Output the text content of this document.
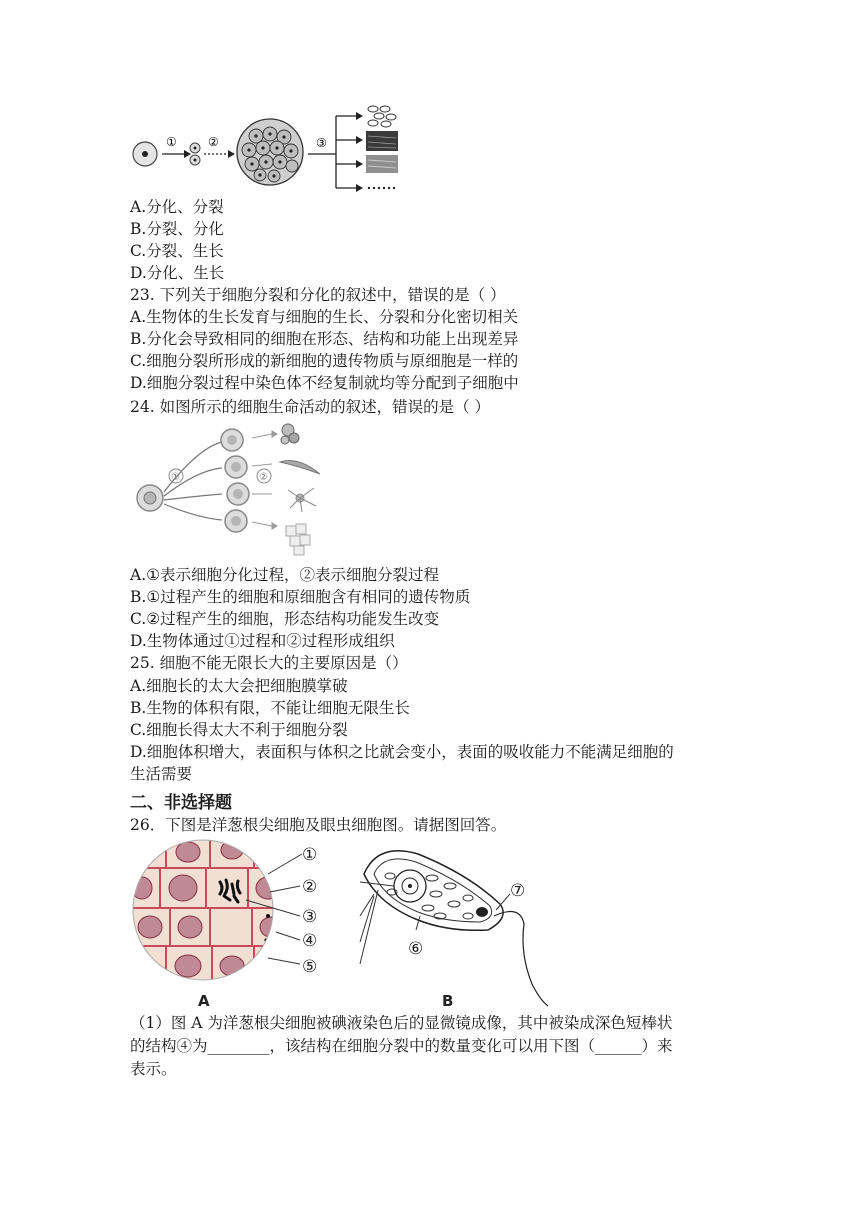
①	②	③
A.分化、分裂
B.分裂、分化
C.分裂、生长
D.分化、生长
23. 下列关于细胞分裂和分化的叙述中，错误的是（ ）
A.生物体的生长发育与细胞的生长、分裂和分化密切相关
B.分化会导致相同的细胞在形态、结构和功能上出现差异
C.细胞分裂所形成的新细胞的遗传物质与原细胞是一样的
D.细胞分裂过程中染色体不经复制就均等分配到子细胞中
24. 如图所示的细胞生命活动的叙述，错误的是（ ）
①	②
A.①表示细胞分化过程，②表示细胞分裂过程
B.①过程产生的细胞和原细胞含有相同的遗传物质
C.②过程产生的细胞，形态结构功能发生改变
D.生物体通过①过程和②过程形成组织
25. 细胞不能无限长大的主要原因是（）
A.细胞长的太大会把细胞膜掌破
B.生物的体积有限，不能让细胞无限生长
C.细胞长得太大不利于细胞分裂
D.细胞体积增大，表面积与体积之比就会变小，表面的吸收能力不能满足细胞的
生活需要
二、非选择题
26．下图是洋葱根尖细胞及眼虫细胞图。请据图回答。
①
②
③
④
⑤
A
⑥
⑦
B
（1）图 A 为洋葱根尖细胞被碘液染色后的显微镜成像，其中被染成深色短棒状
的结构④为________，该结构在细胞分裂中的数量变化可以用下图（______）来
表示。
